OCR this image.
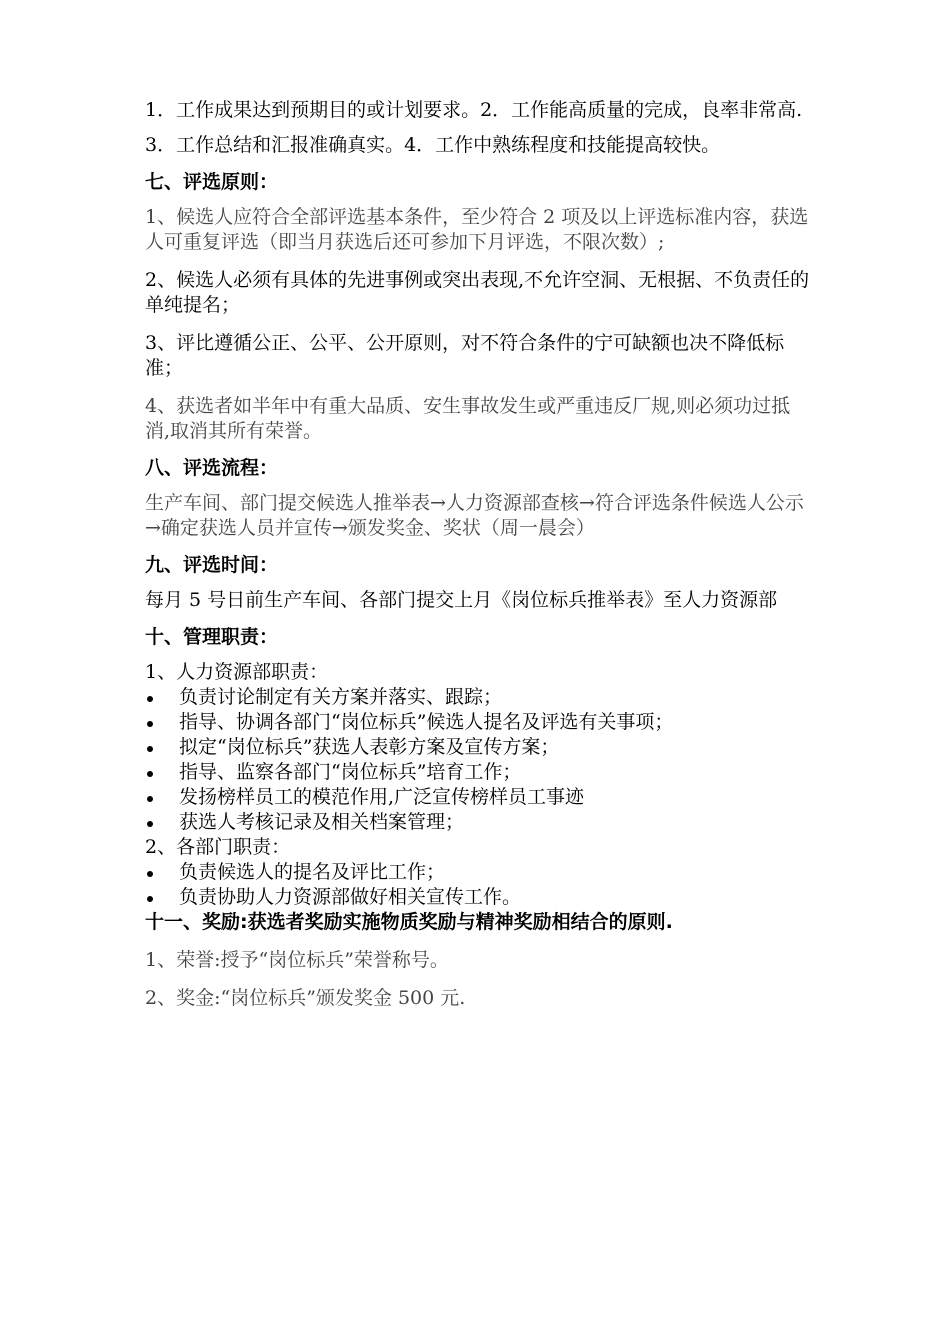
1．工作成果达到预期目的或计划要求。2．工作能高质量的完成，良率非常高.

3．工作总结和汇报准确真实。4．工作中熟练程度和技能提高较快。

七、评选原则：

1、候选人应符合全部评选基本条件，至少符合 2 项及以上评选标准内容，获选人可重复评选（即当月获选后还可参加下月评选，不限次数）;

2、候选人必须有具体的先进事例或突出表现,不允许空洞、无根据、不负责任的单纯提名；

3、评比遵循公正、公平、公开原则，对不符合条件的宁可缺额也决不降低标准；

4、获选者如半年中有重大品质、安生事故发生或严重违反厂规,则必须功过抵消,取消其所有荣誉。

八、评选流程：

生产车间、部门提交候选人推举表→人力资源部查核→符合评选条件候选人公示→确定获选人员并宣传→颁发奖金、奖状（周一晨会）

九、评选时间：

每月 5 号日前生产车间、各部门提交上月《岗位标兵推举表》至人力资源部

十、管理职责：

1、人力资源部职责：

负责讨论制定有关方案并落实、跟踪；
指导、协调各部门“岗位标兵”候选人提名及评选有关事项；
拟定“岗位标兵”获选人表彰方案及宣传方案；
指导、监察各部门“岗位标兵”培育工作；
发扬榜样员工的模范作用,广泛宣传榜样员工事迹
获选人考核记录及相关档案管理；

2、各部门职责：

负责候选人的提名及评比工作；
负责协助人力资源部做好相关宣传工作。

十一、奖励:获选者奖励实施物质奖励与精神奖励相结合的原则.

1、荣誉:授予“岗位标兵”荣誉称号。

2、奖金:“岗位标兵”颁发奖金 500 元.
